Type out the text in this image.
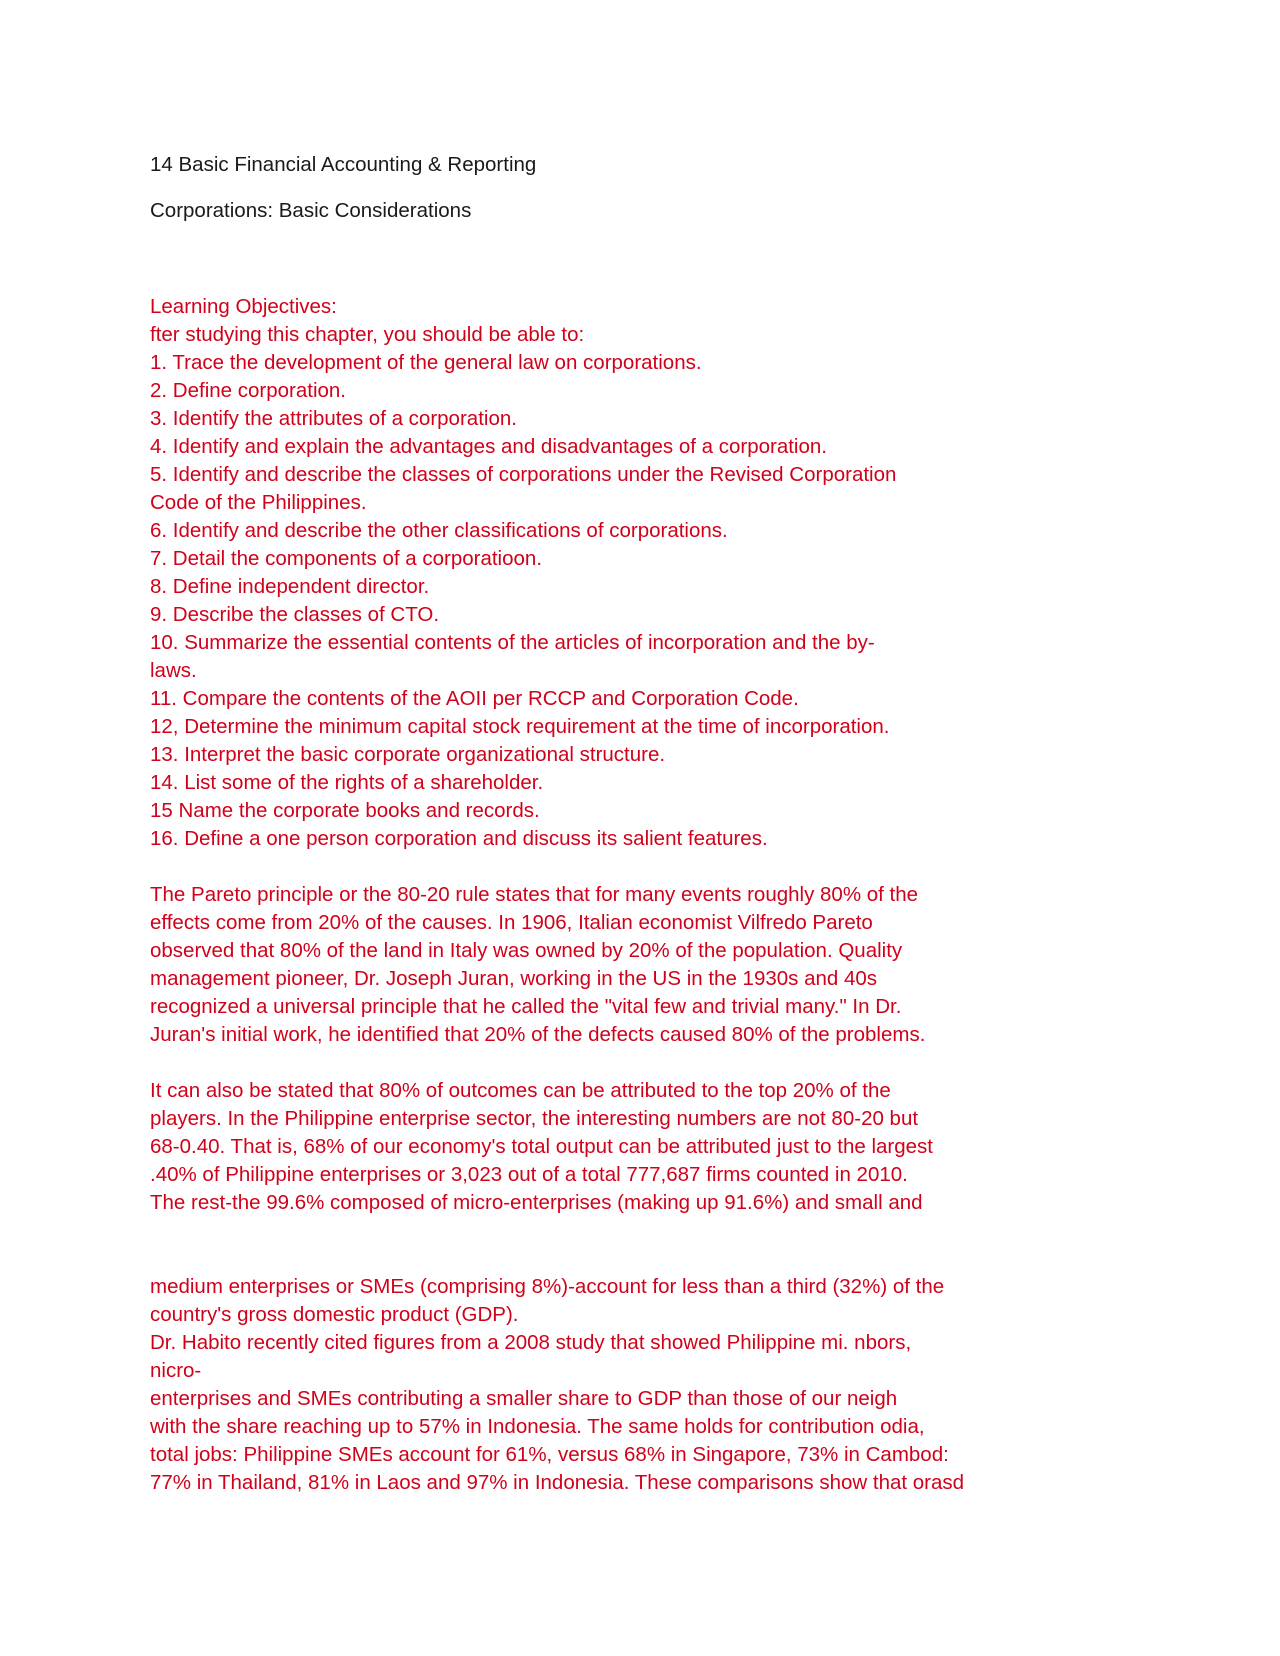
14 Basic Financial Accounting & Reporting

Corporations: Basic Considerations

Learning Objectives:
fter studying this chapter, you should be able to:
1. Trace the development of the general law on corporations.
2. Define corporation.
3. Identify the attributes of a corporation.
4. Identify and explain the advantages and disadvantages of a corporation.
5. Identify and describe the classes of corporations under the Revised Corporation
Code of the Philippines.
6. Identify and describe the other classifications of corporations.
7. Detail the components of a corporatioon.
8. Define independent director.
9. Describe the classes of CTO.
10. Summarize the essential contents of the articles of incorporation and the by-
laws.
11. Compare the contents of the AOII per RCCP and Corporation Code.
12, Determine the minimum capital stock requirement at the time of incorporation.
13. Interpret the basic corporate organizational structure.
14. List some of the rights of a shareholder.
15 Name the corporate books and records.
16. Define a one person corporation and discuss its salient features.
The Pareto principle or the 80-20 rule states that for many events roughly 80% of the
effects come from 20% of the causes. In 1906, Italian economist Vilfredo Pareto
observed that 80% of the land in Italy was owned by 20% of the population. Quality
management pioneer, Dr. Joseph Juran, working in the US in the 1930s and 40s
recognized a universal principle that he called the "vital few and trivial many." In Dr.
Juran's initial work, he identified that 20% of the defects caused 80% of the problems.
It can also be stated that 80% of outcomes can be attributed to the top 20% of the
players. In the Philippine enterprise sector, the interesting numbers are not 80-20 but
68-0.40. That is, 68% of our economy's total output can be attributed just to the largest
.40% of Philippine enterprises or 3,023 out of a total 777,687 firms counted in 2010.
The rest-the 99.6% composed of micro-enterprises (making up 91.6%) and small and
medium enterprises or SMEs (comprising 8%)-account for less than a third (32%) of the
country's gross domestic product (GDP).
Dr. Habito recently cited figures from a 2008 study that showed Philippine mi. nbors,
nicro-
enterprises and SMEs contributing a smaller share to GDP than those of our neigh
with the share reaching up to 57% in Indonesia. The same holds for contribution odia,
total jobs: Philippine SMEs account for 61%, versus 68% in Singapore, 73% in Cambod:
77% in Thailand, 81% in Laos and 97% in Indonesia. These comparisons show that orasd
